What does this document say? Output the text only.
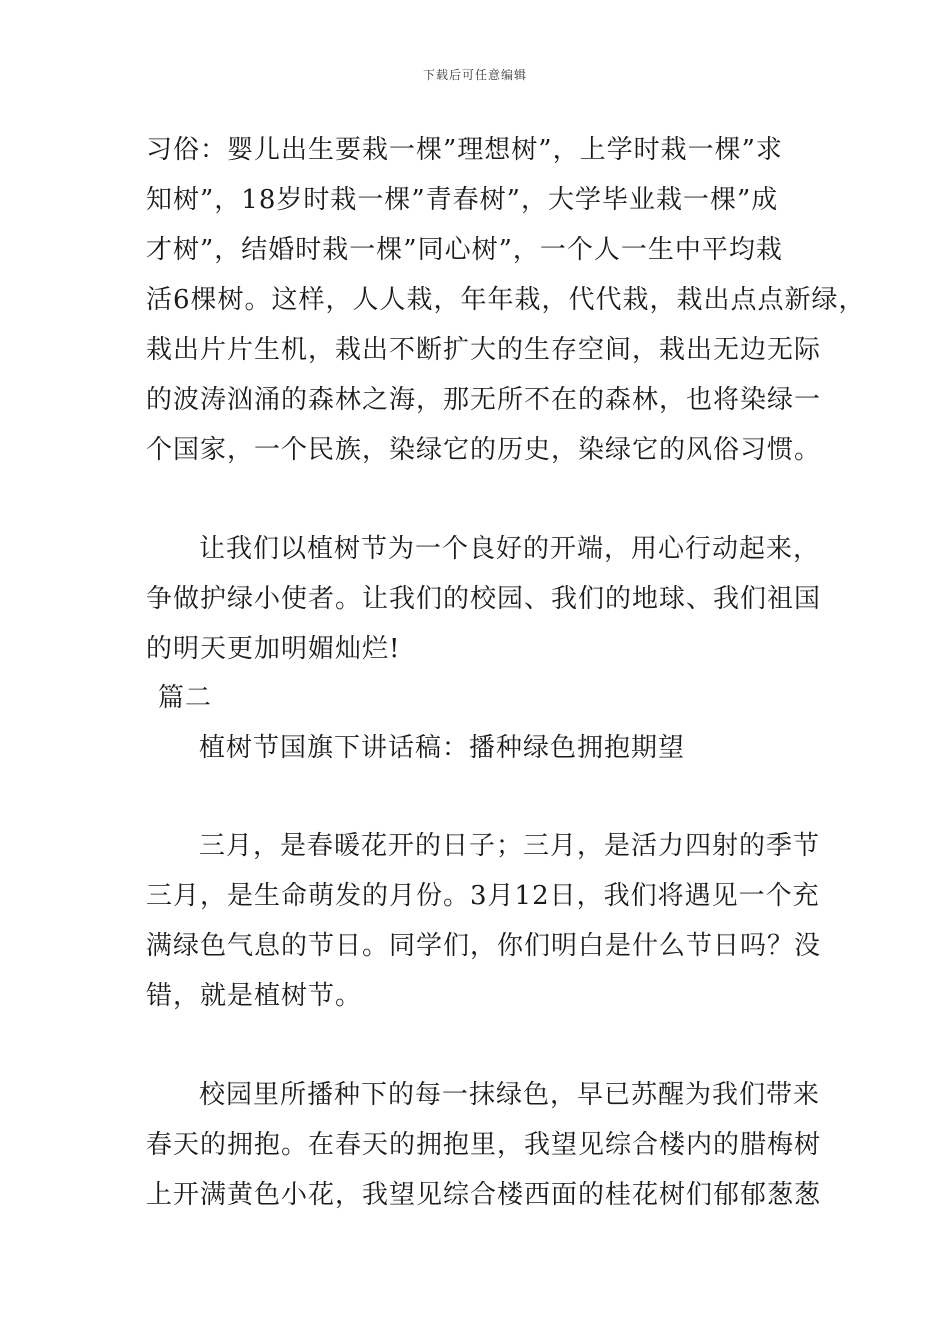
下载后可任意编辑
习俗：婴儿出生要栽一棵”理想树”，上学时栽一棵”求
知树”，18岁时栽一棵”青春树”，大学毕业栽一棵”成
才树”，结婚时栽一棵”同心树”，一个人一生中平均栽
活6棵树。这样，人人栽，年年栽，代代栽，栽出点点新绿，
栽出片片生机，栽出不断扩大的生存空间，栽出无边无际
的波涛汹涌的森林之海，那无所不在的森林，也将染绿一
个国家，一个民族，染绿它的历史，染绿它的风俗习惯。
让我们以植树节为一个良好的开端，用心行动起来，
争做护绿小使者。让我们的校园、我们的地球、我们祖国
的明天更加明媚灿烂!
篇二
植树节国旗下讲话稿：播种绿色拥抱期望
三月，是春暖花开的日子；三月，是活力四射的季节
三月，是生命萌发的月份。3月12日，我们将遇见一个充
满绿色气息的节日。同学们，你们明白是什么节日吗？没
错，就是植树节。
校园里所播种下的每一抹绿色，早已苏醒为我们带来
春天的拥抱。在春天的拥抱里，我望见综合楼内的腊梅树
上开满黄色小花，我望见综合楼西面的桂花树们郁郁葱葱
